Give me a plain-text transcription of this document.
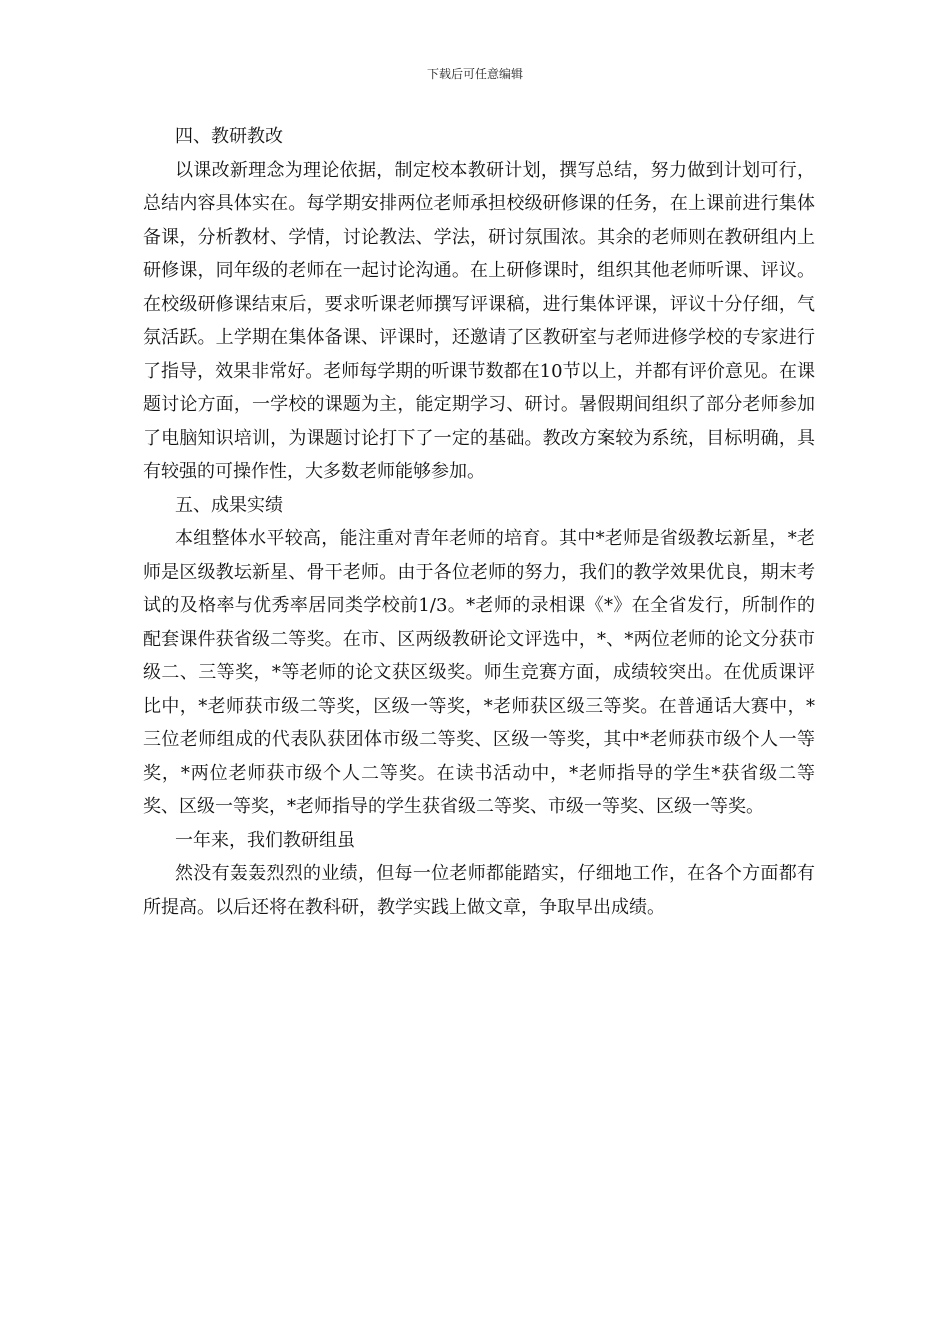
下载后可任意编辑

四、教研教改

以课改新理念为理论依据，制定校本教研计划，撰写总结，努力做到计划可行，总结内容具体实在。每学期安排两位老师承担校级研修课的任务，在上课前进行集体备课，分析教材、学情，讨论教法、学法，研讨氛围浓。其余的老师则在教研组内上研修课，同年级的老师在一起讨论沟通。在上研修课时，组织其他老师听课、评议。在校级研修课结束后，要求听课老师撰写评课稿，进行集体评课，评议十分仔细，气氛活跃。上学期在集体备课、评课时，还邀请了区教研室与老师进修学校的专家进行了指导，效果非常好。老师每学期的听课节数都在10节以上，并都有评价意见。在课题讨论方面，一学校的课题为主，能定期学习、研讨。暑假期间组织了部分老师参加了电脑知识培训，为课题讨论打下了一定的基础。教改方案较为系统，目标明确，具有较强的可操作性，大多数老师能够参加。

五、成果实绩

本组整体水平较高，能注重对青年老师的培育。其中*老师是省级教坛新星，*老师是区级教坛新星、骨干老师。由于各位老师的努力，我们的教学效果优良，期末考试的及格率与优秀率居同类学校前1/3。*老师的录相课《*》在全省发行，所制作的配套课件获省级二等奖。在市、区两级教研论文评选中，*、*两位老师的论文分获市级二、三等奖，*等老师的论文获区级奖。师生竞赛方面，成绩较突出。在优质课评比中，*老师获市级二等奖，区级一等奖，*老师获区级三等奖。在普通话大赛中，*三位老师组成的代表队获团体市级二等奖、区级一等奖，其中*老师获市级个人一等奖，*两位老师获市级个人二等奖。在读书活动中，*老师指导的学生*获省级二等奖、区级一等奖，*老师指导的学生获省级二等奖、市级一等奖、区级一等奖。

一年来，我们教研组虽

然没有轰轰烈烈的业绩，但每一位老师都能踏实，仔细地工作，在各个方面都有所提高。以后还将在教科研，教学实践上做文章，争取早出成绩。
